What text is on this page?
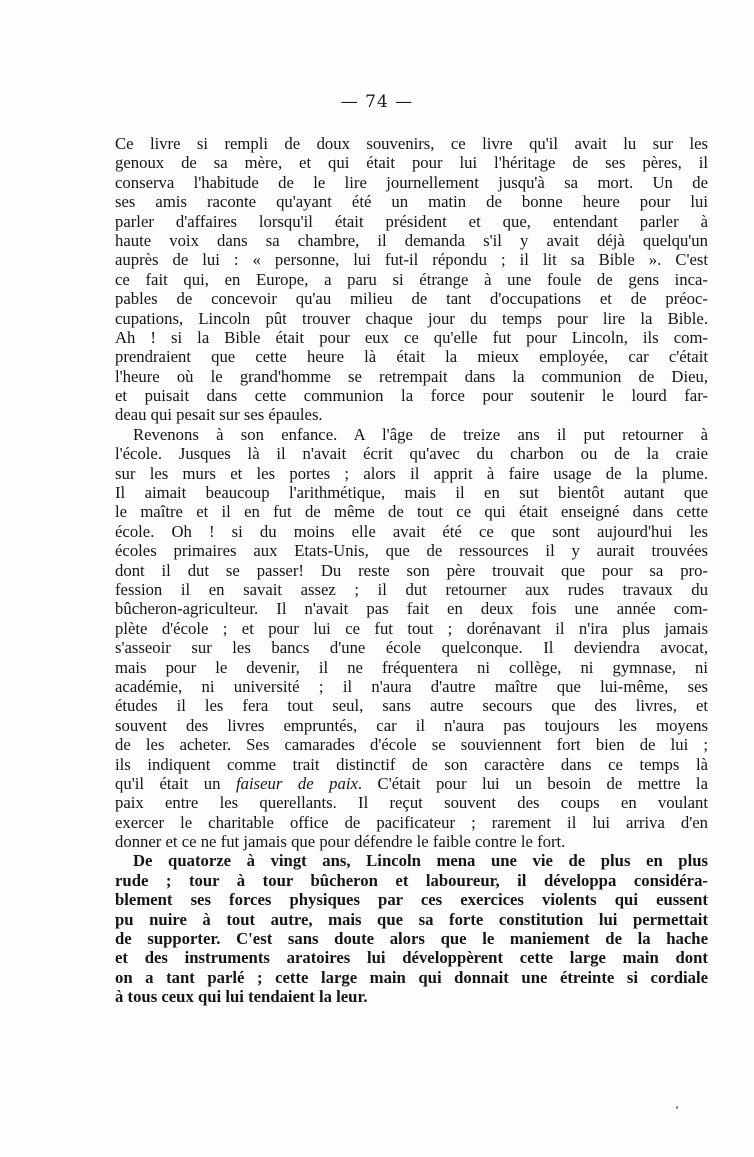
— 74 —
Ce livre si rempli de doux souvenirs, ce livre qu'il avait lu sur les
genoux de sa mère, et qui était pour lui l'héritage de ses pères, il
conserva l'habitude de le lire journellement jusqu'à sa mort. Un de
ses amis raconte qu'ayant été un matin de bonne heure pour lui
parler d'affaires lorsqu'il était président et que, entendant parler à
haute voix dans sa chambre, il demanda s'il y avait déjà quelqu'un
auprès de lui : « personne, lui fut-il répondu ; il lit sa Bible ». C'est
ce fait qui, en Europe, a paru si étrange à une foule de gens inca-
pables de concevoir qu'au milieu de tant d'occupations et de préoc-
cupations, Lincoln pût trouver chaque jour du temps pour lire la Bible.
Ah ! si la Bible était pour eux ce qu'elle fut pour Lincoln, ils com-
prendraient que cette heure là était la mieux employée, car c'était
l'heure où le grand'homme se retrempait dans la communion de Dieu,
et puisait dans cette communion la force pour soutenir le lourd far-
deau qui pesait sur ses épaules.
Revenons à son enfance. A l'âge de treize ans il put retourner à
l'école. Jusques là il n'avait écrit qu'avec du charbon ou de la craie
sur les murs et les portes ; alors il apprit à faire usage de la plume.
Il aimait beaucoup l'arithmétique, mais il en sut bientôt autant que
le maître et il en fut de même de tout ce qui était enseigné dans cette
école. Oh ! si du moins elle avait été ce que sont aujourd'hui les
écoles primaires aux Etats-Unis, que de ressources il y aurait trouvées
dont il dut se passer! Du reste son père trouvait que pour sa pro-
fession il en savait assez ; il dut retourner aux rudes travaux du
bûcheron-agriculteur. Il n'avait pas fait en deux fois une année com-
plète d'école ; et pour lui ce fut tout ; dorénavant il n'ira plus jamais
s'asseoir sur les bancs d'une école quelconque. Il deviendra avocat,
mais pour le devenir, il ne fréquentera ni collège, ni gymnase, ni
académie, ni université ; il n'aura d'autre maître que lui-même, ses
études il les fera tout seul, sans autre secours que des livres, et
souvent des livres empruntés, car il n'aura pas toujours les moyens
de les acheter. Ses camarades d'école se souviennent fort bien de lui ;
ils indiquent comme trait distinctif de son caractère dans ce temps là
qu'il était un faiseur de paix. C'était pour lui un besoin de mettre la
paix entre les querellants. Il reçut souvent des coups en voulant
exercer le charitable office de pacificateur ; rarement il lui arriva d'en
donner et ce ne fut jamais que pour défendre le faible contre le fort.
De quatorze à vingt ans, Lincoln mena une vie de plus en plus
rude ; tour à tour bûcheron et laboureur, il développa considéra-
blement ses forces physiques par ces exercices violents qui eussent
pu nuire à tout autre, mais que sa forte constitution lui permettait
de supporter. C'est sans doute alors que le maniement de la hache
et des instruments aratoires lui développèrent cette large main dont
on a tant parlé ; cette large main qui donnait une étreinte si cordiale
à tous ceux qui lui tendaient la leur.
